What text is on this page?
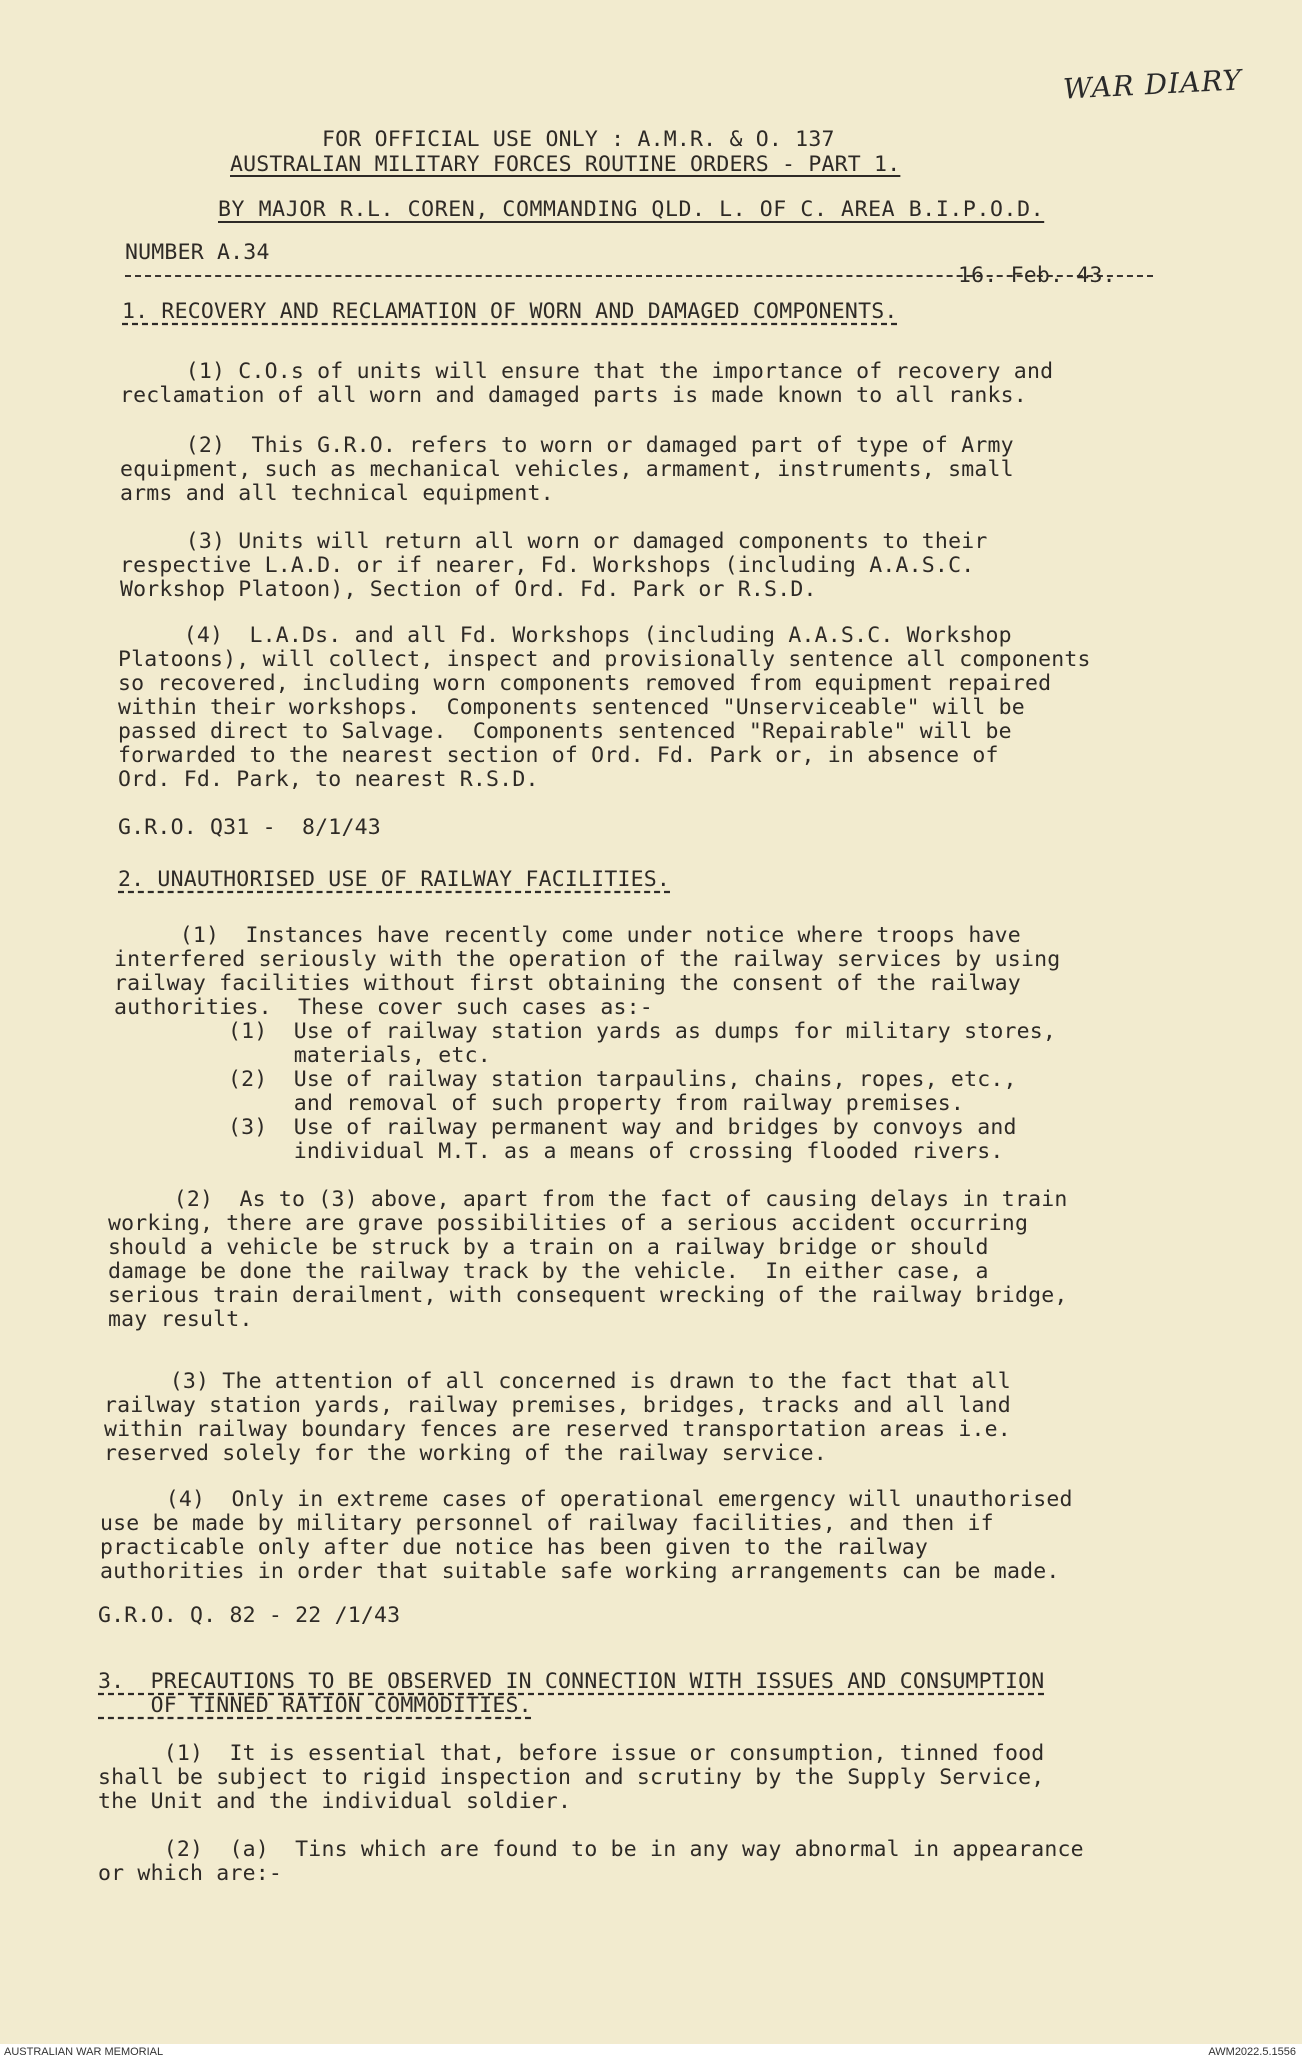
WAR DIARY
FOR OFFICIAL USE ONLY : A.M.R. & O. 137
AUSTRALIAN MILITARY FORCES ROUTINE ORDERS - PART 1.
BY MAJOR R.L. COREN, COMMANDING QLD. L. OF C. AREA B.I.P.O.D.
NUMBER A.34
16. Feb. 43.
1. RECOVERY AND RECLAMATION OF WORN AND DAMAGED COMPONENTS.
(1) C.O.s of units will ensure that the importance of recovery and
reclamation of all worn and damaged parts is made known to all ranks.
(2)  This G.R.O. refers to worn or damaged part of type of Army
equipment, such as mechanical vehicles, armament, instruments, small
arms and all technical equipment.
(3) Units will return all worn or damaged components to their
respective L.A.D. or if nearer, Fd. Workshops (including A.A.S.C.
Workshop Platoon), Section of Ord. Fd. Park or R.S.D.
(4)  L.A.Ds. and all Fd. Workshops (including A.A.S.C. Workshop
Platoons), will collect, inspect and provisionally sentence all components
so recovered, including worn components removed from equipment repaired
within their workshops.  Components sentenced "Unserviceable" will be
passed direct to Salvage.  Components sentenced "Repairable" will be
forwarded to the nearest section of Ord. Fd. Park or, in absence of
Ord. Fd. Park, to nearest R.S.D.
G.R.O. Q31 -  8/1/43
2. UNAUTHORISED USE OF RAILWAY FACILITIES.
(1)  Instances have recently come under notice where troops have
interfered seriously with the operation of the railway services by using
railway facilities without first obtaining the consent of the railway
authorities.  These cover such cases as:-
(1)  Use of railway station yards as dumps for military stores,
materials, etc.
(2)  Use of railway station tarpaulins, chains, ropes, etc.,
and removal of such property from railway premises.
(3)  Use of railway permanent way and bridges by convoys and
individual M.T. as a means of crossing flooded rivers.
(2)  As to (3) above, apart from the fact of causing delays in train
working, there are grave possibilities of a serious accident occurring
should a vehicle be struck by a train on a railway bridge or should
damage be done the railway track by the vehicle.  In either case, a
serious train derailment, with consequent wrecking of the railway bridge,
may result.
(3) The attention of all concerned is drawn to the fact that all
railway station yards, railway premises, bridges, tracks and all land
within railway boundary fences are reserved transportation areas i.e.
reserved solely for the working of the railway service.
(4)  Only in extreme cases of operational emergency will unauthorised
use be made by military personnel of railway facilities, and then if
practicable only after due notice has been given to the railway
authorities in order that suitable safe working arrangements can be made.
G.R.O. Q. 82 - 22 /1/43
3.  PRECAUTIONS TO BE OBSERVED IN CONNECTION WITH ISSUES AND CONSUMPTION
OF TINNED RATION COMMODITIES.
(1)  It is essential that, before issue or consumption, tinned food
shall be subject to rigid inspection and scrutiny by the Supply Service,
the Unit and the individual soldier.
(2)  (a)  Tins which are found to be in any way abnormal in appearance
or which are:-
AUSTRALIAN WAR MEMORIAL	AWM2022.5.1556
